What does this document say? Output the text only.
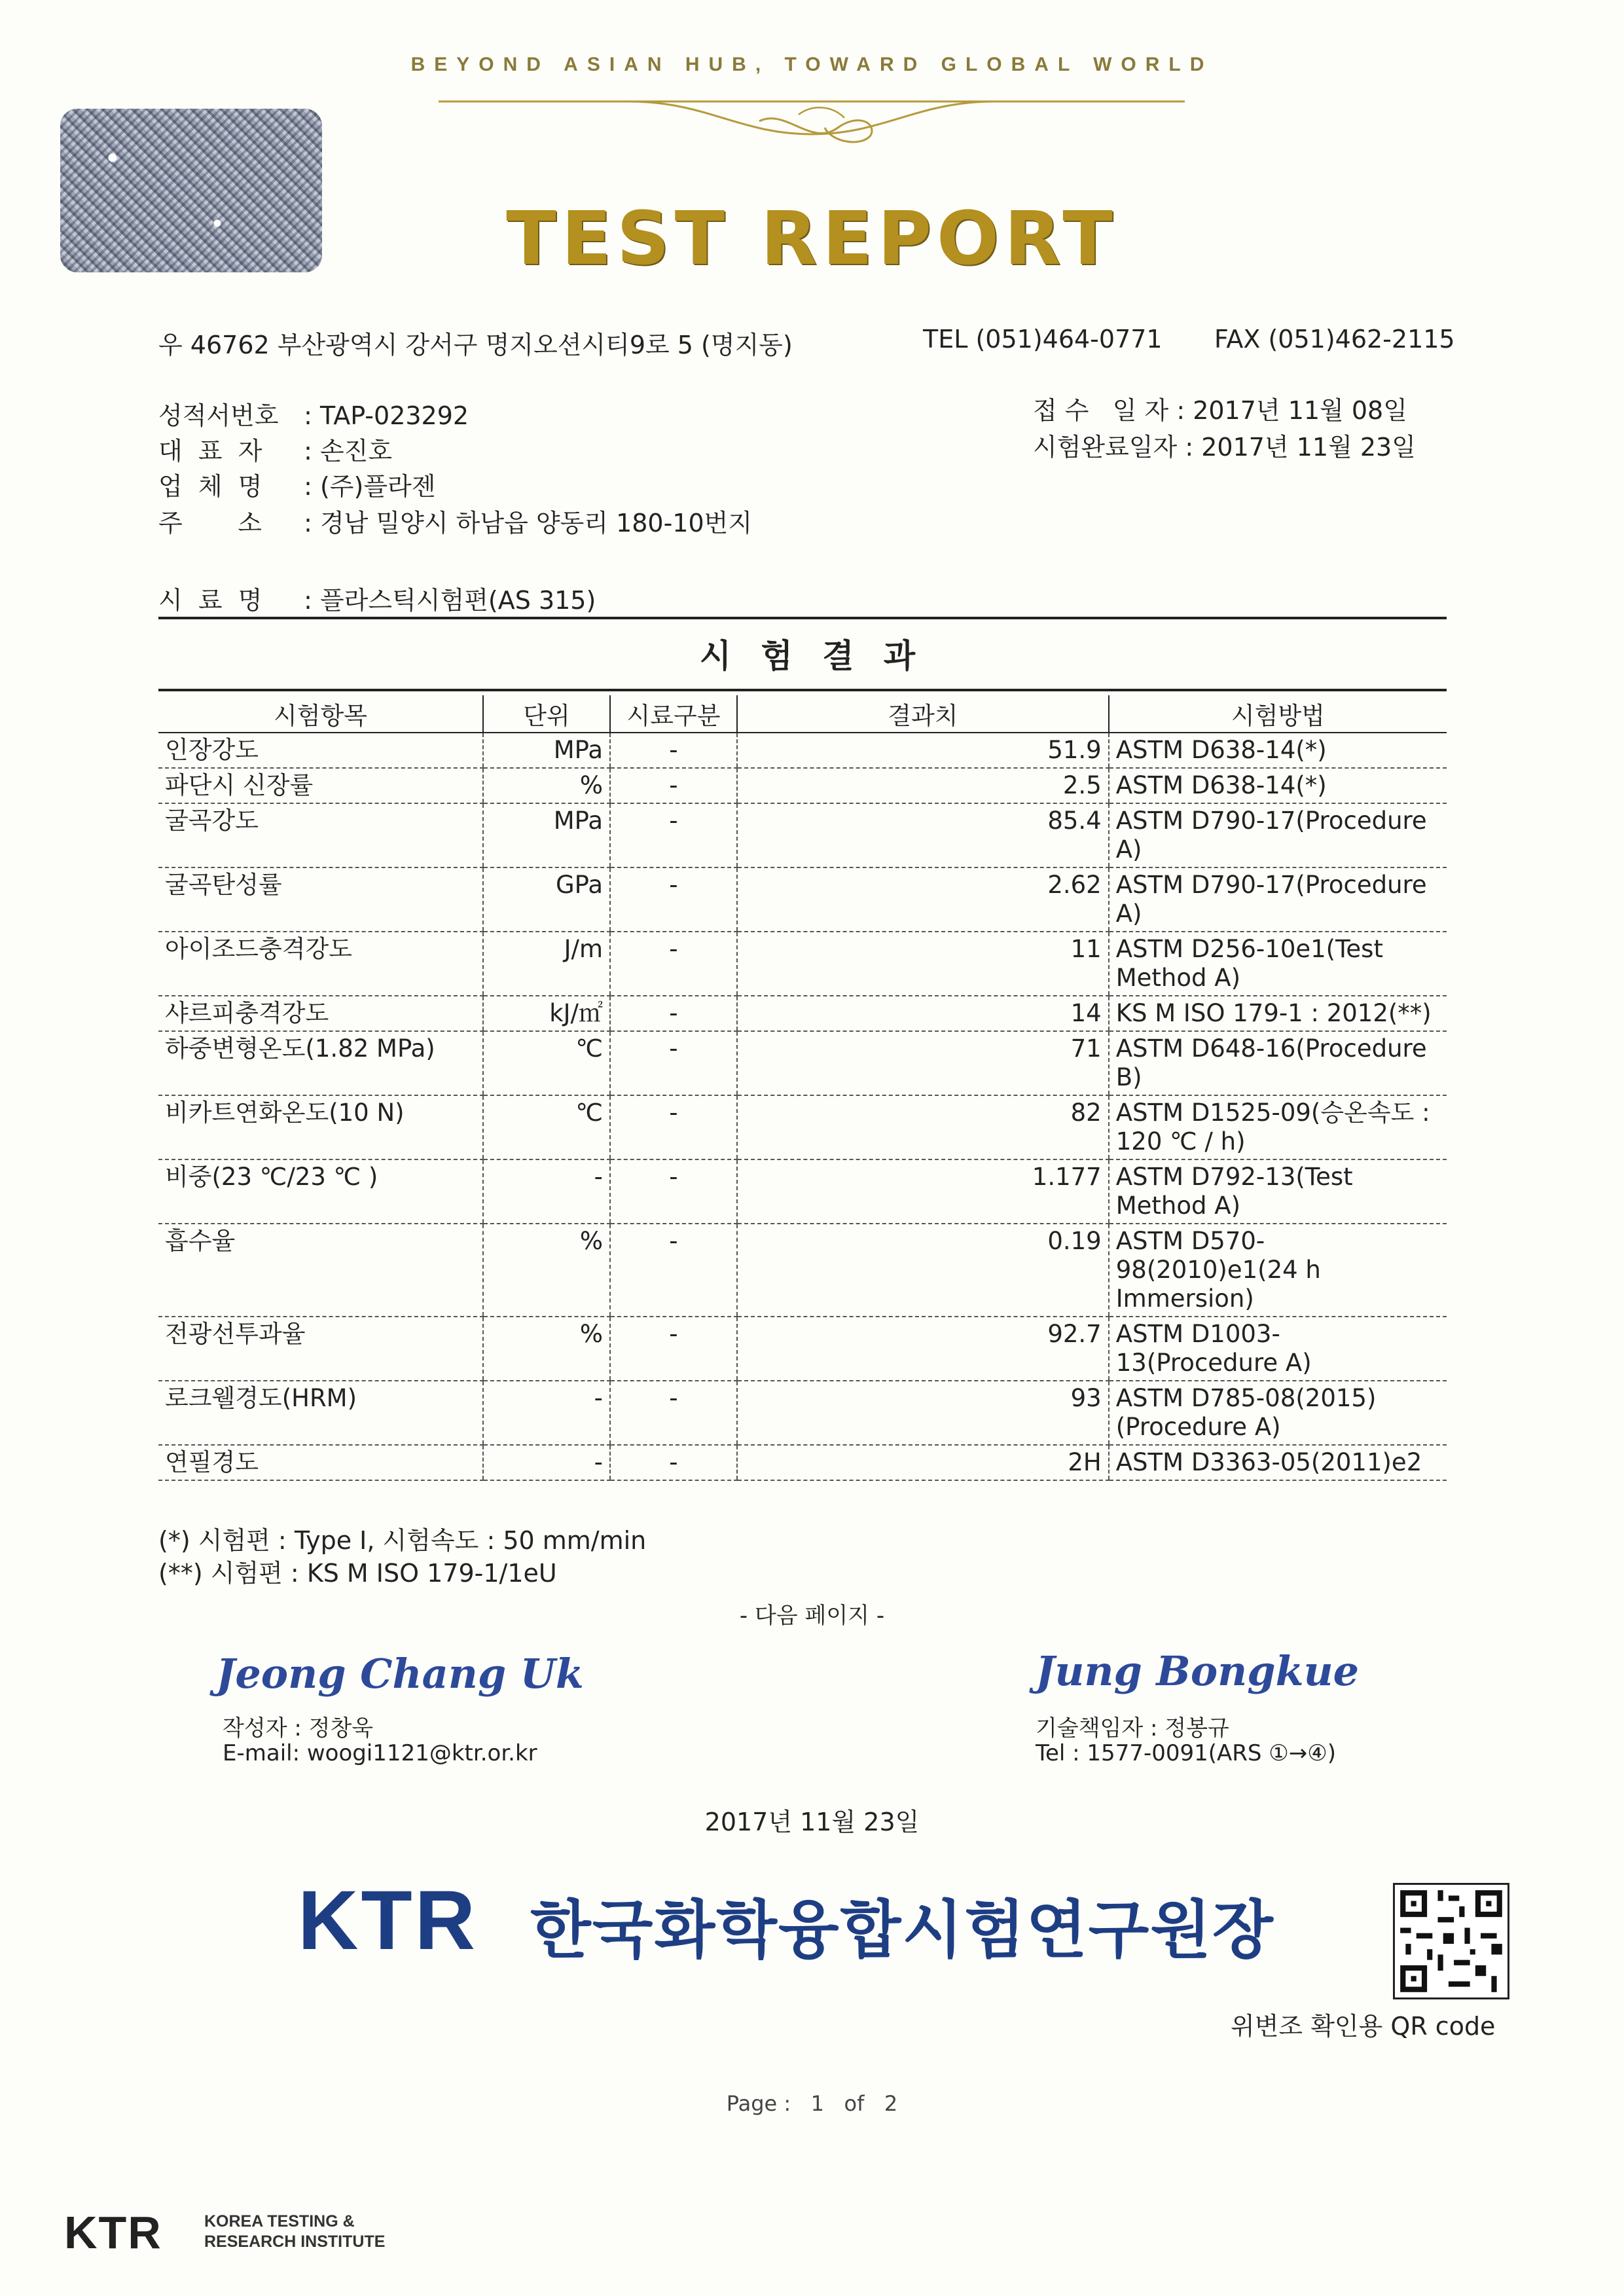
BEYOND ASIAN HUB, TOWARD GLOBAL WORLD
TEST REPORT
우 46762 부산광역시 강서구 명지오션시티9로 5 (명지동)	TEL (051)464-0771 FAX (051)462-2115
성적서번호 : TAP-023292
대  표  자 : 손진호
업  체  명 : (주)플라젠
주       소 : 경남 밀양시 하남읍 양동리 180-10번지
접 수   일 자 : 2017년 11월 08일
시험완료일자 : 2017년 11월 23일
시  료  명 : 플라스틱시험편(AS 315)
시 험 결 과
시험항목	단위	시료구분	결과치	시험방법
인장강도	MPa	-	51.9	ASTM D638-14(*)
파단시 신장률	%	-	2.5	ASTM D638-14(*)
굴곡강도	MPa	-	85.4	ASTM D790-17(Procedure A)
굴곡탄성률	GPa	-	2.62	ASTM D790-17(Procedure A)
아이조드충격강도	J/m	-	11	ASTM D256-10e1(Test Method A)
샤르피충격강도	kJ/㎡	-	14	KS M ISO 179-1 : 2012(**)
하중변형온도(1.82 MPa)	℃	-	71	ASTM D648-16(Procedure B)
비카트연화온도(10 N)	℃	-	82	ASTM D1525-09(승온속도 : 120 ℃ / h)
비중(23 ℃/23 ℃ )	-	-	1.177	ASTM D792-13(Test Method A)
흡수율	%	-	0.19	ASTM D570-98(2010)e1(24 h Immersion)
전광선투과율	%	-	92.7	ASTM D1003-13(Procedure A)
로크웰경도(HRM)	-	-	93	ASTM D785-08(2015) (Procedure A)
연필경도	-	-	2H	ASTM D3363-05(2011)e2
(*) 시험편 : Type Ⅰ, 시험속도 : 50 mm/min
(**) 시험편 : KS M ISO 179-1/1eU
- 다음 페이지 -
Jeong Chang Uk
작성자 : 정창욱
E-mail: woogi1121@ktr.or.kr
Jung Bongkue
기술책임자 : 정봉규
Tel : 1577-0091(ARS ①→④)
2017년 11월 23일
KTR 한국화학융합시험연구원장
위변조 확인용 QR code
Page :   1   of   2
KTR	KOREA TESTING &
RESEARCH INSTITUTE
